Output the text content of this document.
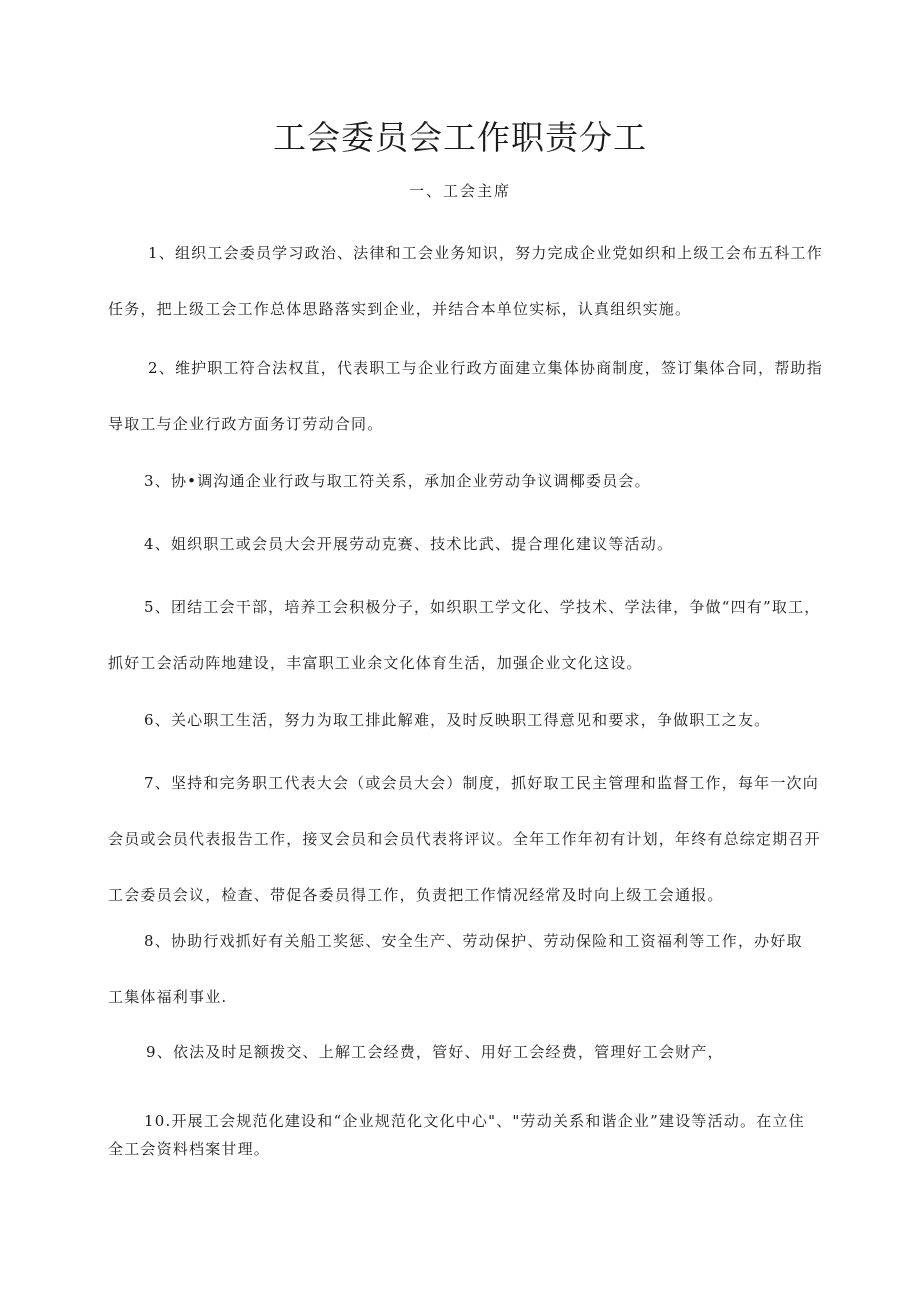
工会委员会工作职责分工
一、工会主席
1、组织工会委员学习政治、法律和工会业务知识，努力完成企业党如织和上级工会布五科工作
任务，把上级工会工作总体思路落实到企业，并结合本单位实标，认真组织实施。
2、维护职工符合法权苴，代表职工与企业行政方面建立集体协商制度，签订集体合同，帮助指
导取工与企业行政方面务订劳动合同。
3、协•调沟通企业行政与取工符关系，承加企业劳动争议调椰委员会。
4、姐织职工或会员大会开展劳动克赛、技术比武、提合理化建议等活动。
5、团结工会干部，培养工会积极分子，如织职工学文化、学技术、学法律，争做“四有”取工，
抓好工会活动阵地建设，丰富职工业余文化体育生活，加强企业文化这设。
6、关心职工生活，努力为取工排此解难，及时反映职工得意见和要求，争做职工之友。
7、坚持和完务职工代表大会（或会员大会）制度，抓好取工民主管理和监督工作，每年一次向
会员或会员代表报告工作，接叉会员和会员代表将评议。全年工作年初有计划，年终有总综定期召开
工会委员会议，检查、带促各委员得工作，负责把工作情况经常及时向上级工会通报。
8、协助行戏抓好有关船工奖惩、安全生产、劳动保护、劳动保险和工资福利等工作，办好取
工集体福利事业.
9、依法及时足额拨交、上解工会经费，管好、用好工会经费，管理好工会财产，
10.开展工会规范化建设和“企业规范化文化中心"、"劳动关系和谐企业”建设等活动。在立住
全工会资料档案甘理。
